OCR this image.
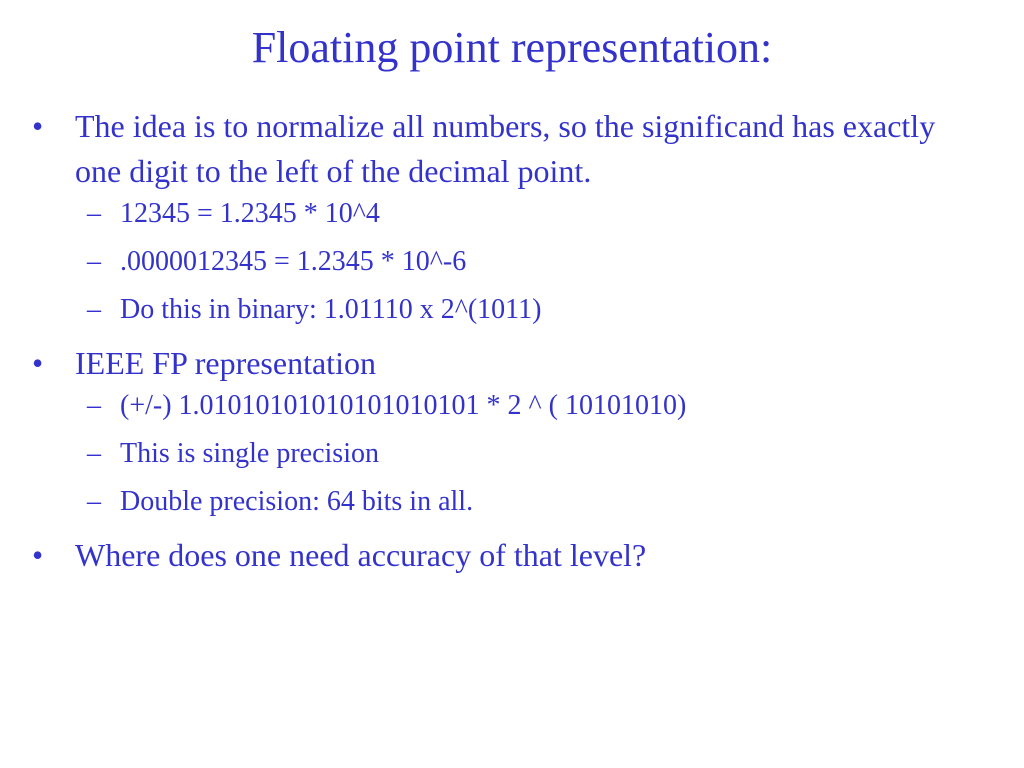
Floating point representation:
• The idea is to normalize all numbers, so the significand has exactly one digit to the left of the decimal point.
– 12345 = 1.2345 * 10^4
– .0000012345 = 1.2345 * 10^-6
– Do this in binary: 1.01110 x 2^(1011)
• IEEE FP representation
– (+/-) 1.01010101010101010101 * 2 ^ ( 10101010)
– This is single precision
– Double precision: 64 bits in all.
• Where does one need accuracy of that level?
